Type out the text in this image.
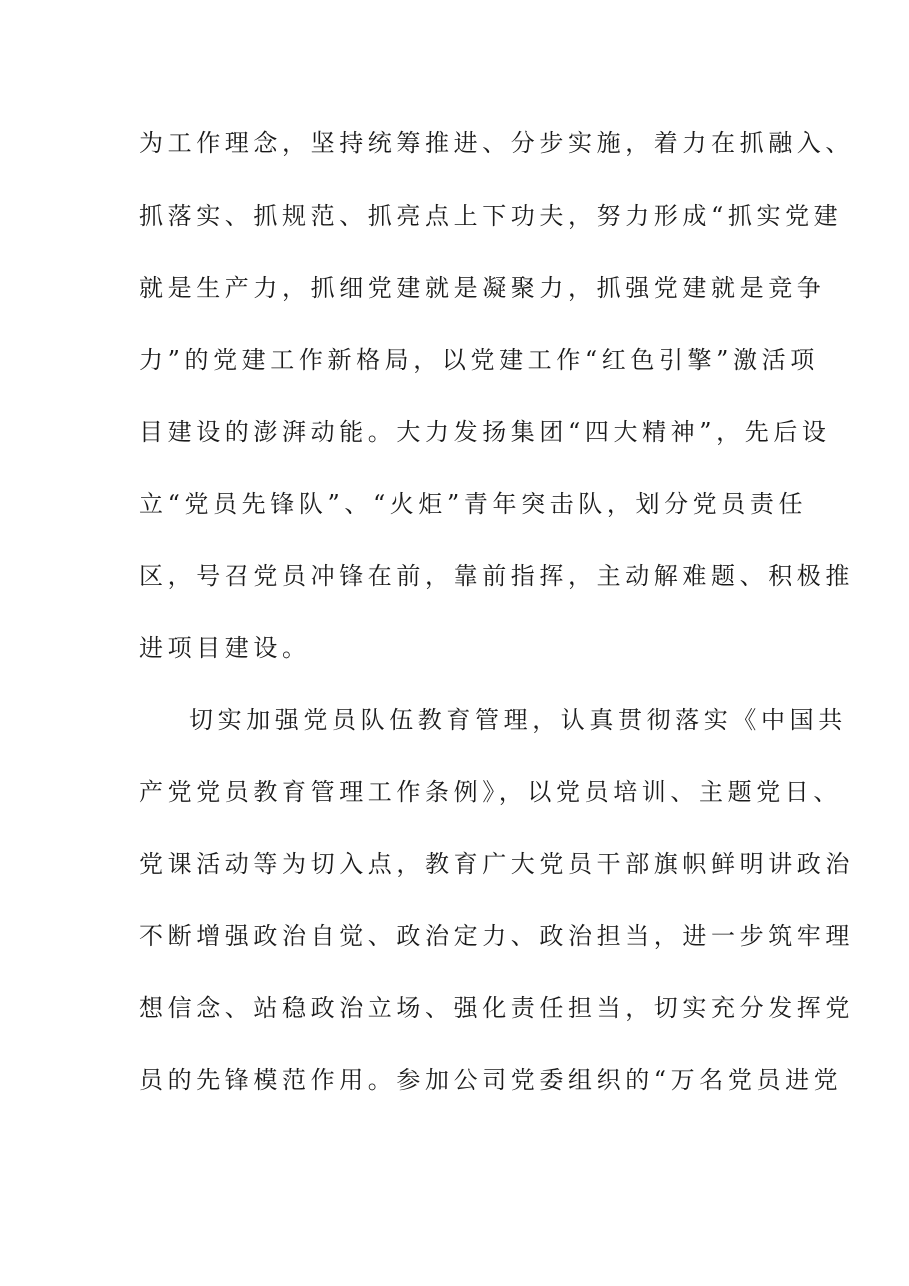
为工作理念，坚持统筹推进、分步实施，着力在抓融入、
抓落实、抓规范、抓亮点上下功夫，努力形成“抓实党建
就是生产力，抓细党建就是凝聚力，抓强党建就是竞争
力”的党建工作新格局，以党建工作“红色引擎”激活项
目建设的澎湃动能。大力发扬集团“四大精神”，先后设
立“党员先锋队”、“火炬”青年突击队，划分党员责任
区，号召党员冲锋在前，靠前指挥，主动解难题、积极推
进项目建设。
切实加强党员队伍教育管理，认真贯彻落实《中国共
产党党员教育管理工作条例》，以党员培训、主题党日、
党课活动等为切入点，教育广大党员干部旗帜鲜明讲政治
不断增强政治自觉、政治定力、政治担当，进一步筑牢理
想信念、站稳政治立场、强化责任担当，切实充分发挥党
员的先锋模范作用。参加公司党委组织的“万名党员进党
